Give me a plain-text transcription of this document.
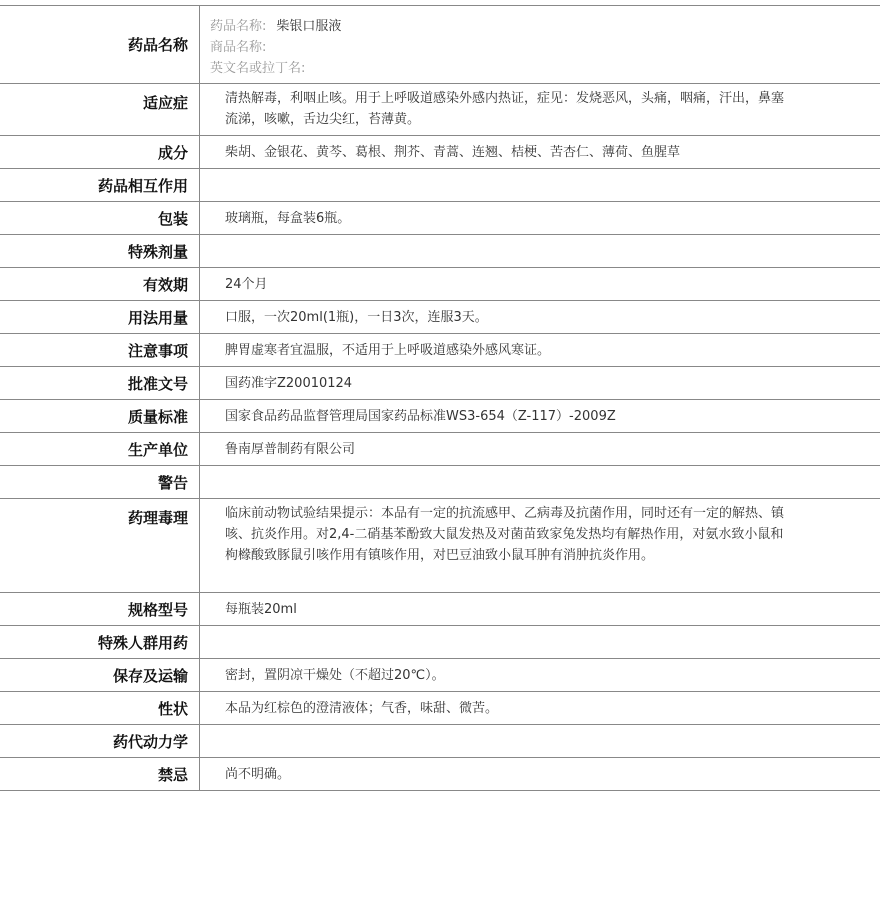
药品名称
药品名称: 柴银口服液
商品名称:
英文名或拉丁名:
适应症	清热解毒，利咽止咳。用于上呼吸道感染外感内热证，症见：发烧恶风，头痛，咽痛，汗出，鼻塞流涕，咳嗽，舌边尖红，苔薄黄。
成分	柴胡、金银花、黄芩、葛根、荆芥、青蒿、连翘、桔梗、苦杏仁、薄荷、鱼腥草
药品相互作用
包装	玻璃瓶，每盒装6瓶。
特殊剂量
有效期	24个月
用法用量	口服，一次20ml(1瓶)，一日3次，连服3天。
注意事项	脾胃虚寒者宜温服，不适用于上呼吸道感染外感风寒证。
批准文号	国药准字Z20010124
质量标准	国家食品药品监督管理局国家药品标准WS3-654（Z-117）-2009Z
生产单位	鲁南厚普制药有限公司
警告
药理毒理	临床前动物试验结果提示：本品有一定的抗流感甲、乙病毒及抗菌作用，同时还有一定的解热、镇咳、抗炎作用。对2,4-二硝基苯酚致大鼠发热及对菌苗致家兔发热均有解热作用，对氨水致小鼠和枸橼酸致豚鼠引咳作用有镇咳作用，对巴豆油致小鼠耳肿有消肿抗炎作用。
规格型号	每瓶装20ml
特殊人群用药
保存及运输	密封，置阴凉干燥处（不超过20℃）。
性状	本品为红棕色的澄清液体；气香，味甜、微苦。
药代动力学
禁忌	尚不明确。
